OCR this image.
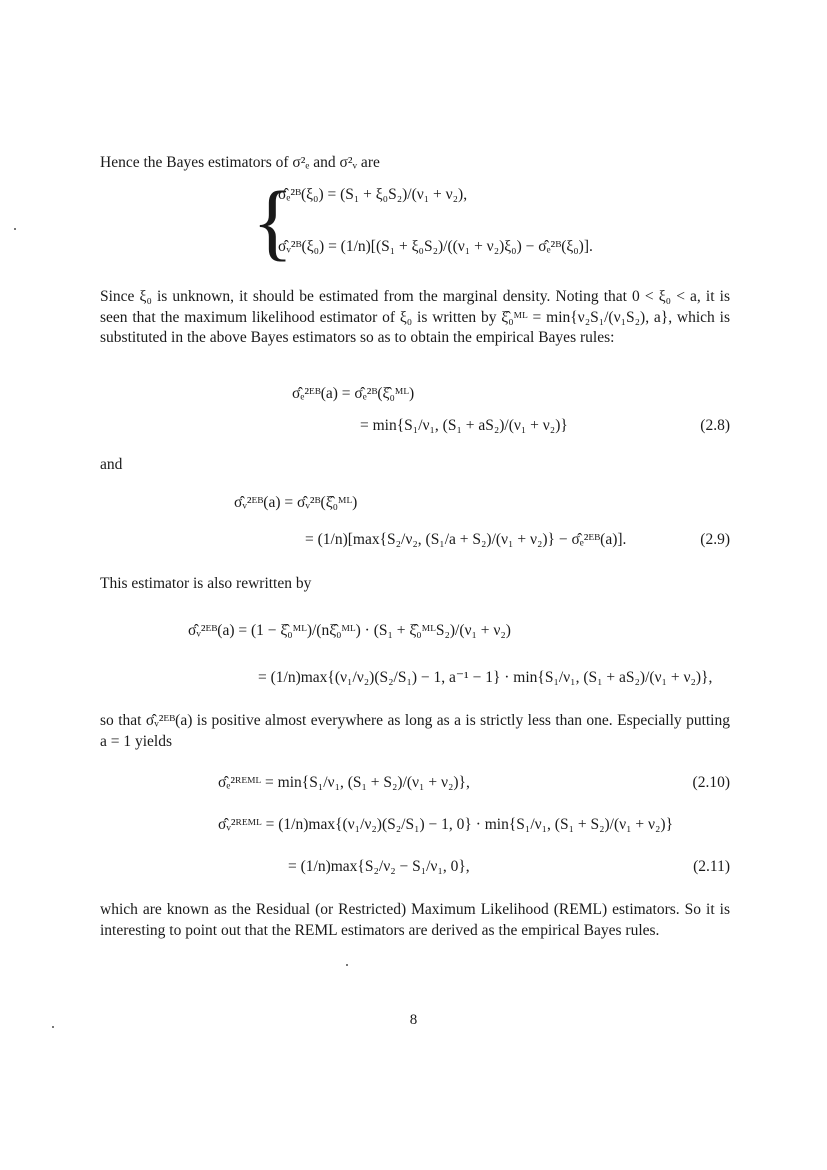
Hence the Bayes estimators of σ²ₑ and σ²ᵥ are

{
σ̂ₑ²ᴮ(ξ₀) = (S₁ + ξ₀S₂)/(ν₁ + ν₂),
σ̂ᵥ²ᴮ(ξ₀) = (1/n)[(S₁ + ξ₀S₂)/((ν₁ + ν₂)ξ₀) − σ̂ₑ²ᴮ(ξ₀)].

Since ξ₀ is unknown, it should be estimated from the marginal density. Noting that 0 < ξ₀ < a, it is seen that the maximum likelihood estimator of ξ₀ is written by ξ̂₀ᴹᴸ = min{ν₂S₁/(ν₁S₂), a}, which is substituted in the above Bayes estimators so as to obtain the empirical Bayes rules:

σ̂ₑ²ᴱᴮ(a) = σ̂ₑ²ᴮ(ξ̂₀ᴹᴸ)
= min{S₁/ν₁, (S₁ + aS₂)/(ν₁ + ν₂)}	(2.8)

and

σ̂ᵥ²ᴱᴮ(a) = σ̂ᵥ²ᴮ(ξ̂₀ᴹᴸ)
= (1/n)[max{S₂/ν₂, (S₁/a + S₂)/(ν₁ + ν₂)} − σ̂ₑ²ᴱᴮ(a)].	(2.9)

This estimator is also rewritten by

σ̂ᵥ²ᴱᴮ(a) = (1 − ξ̂₀ᴹᴸ)/(nξ̂₀ᴹᴸ) · (S₁ + ξ̂₀ᴹᴸS₂)/(ν₁ + ν₂)
= (1/n)max{(ν₁/ν₂)(S₂/S₁) − 1, a⁻¹ − 1} · min{S₁/ν₁, (S₁ + aS₂)/(ν₁ + ν₂)},

so that σ̂ᵥ²ᴱᴮ(a) is positive almost everywhere as long as a is strictly less than one. Especially putting a = 1 yields

σ̂ₑ²ᴿᴱᴹᴸ = min{S₁/ν₁, (S₁ + S₂)/(ν₁ + ν₂)},	(2.10)
σ̂ᵥ²ᴿᴱᴹᴸ = (1/n)max{(ν₁/ν₂)(S₂/S₁) − 1, 0} · min{S₁/ν₁, (S₁ + S₂)/(ν₁ + ν₂)}
= (1/n)max{S₂/ν₂ − S₁/ν₁, 0},	(2.11)

which are known as the Residual (or Restricted) Maximum Likelihood (REML) estimators. So it is interesting to point out that the REML estimators are derived as the empirical Bayes rules.

8
